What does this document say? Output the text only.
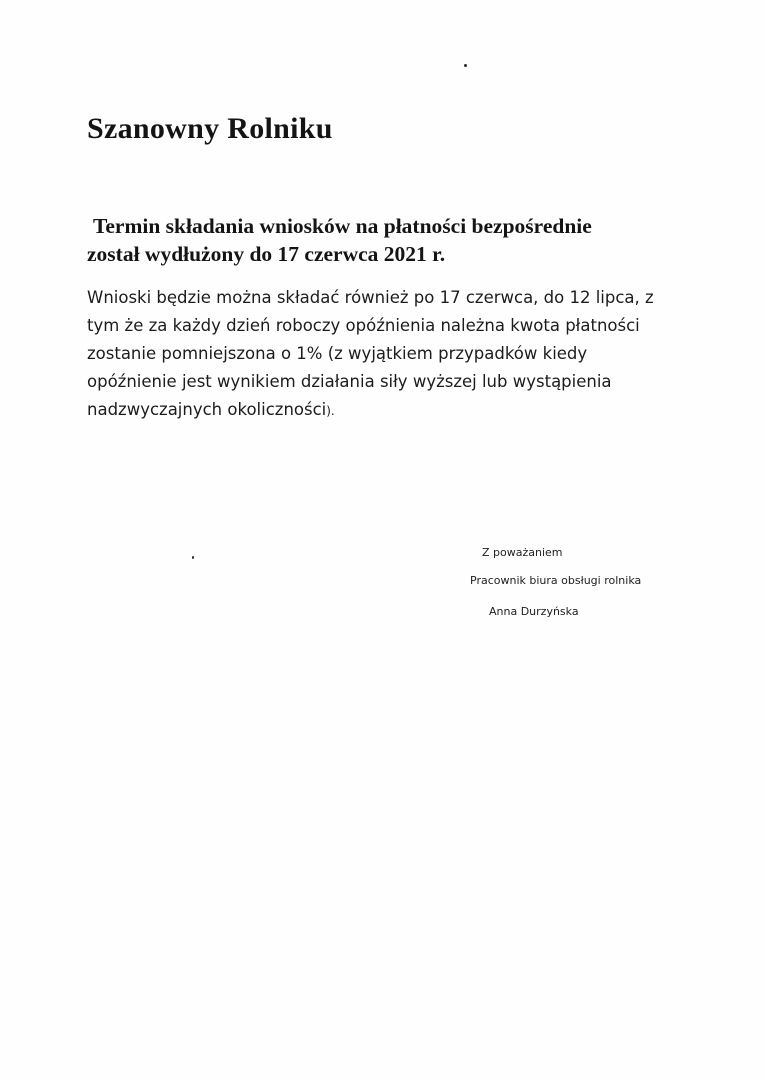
Szanowny Rolniku
Termin składania wniosków na płatności bezpośrednie
został wydłużony do 17 czerwca 2021 r.

Wnioski będzie można składać również po 17 czerwca, do 12 lipca, z
tym że za każdy dzień roboczy opóźnienia należna kwota płatności
zostanie pomniejszona o 1% (z wyjątkiem przypadków kiedy
opóźnienie jest wynikiem działania siły wyższej lub wystąpienia
nadzwyczajnych okoliczności).

Z poważaniem
Pracownik biura obsługi rolnika
Anna Durzyńska
